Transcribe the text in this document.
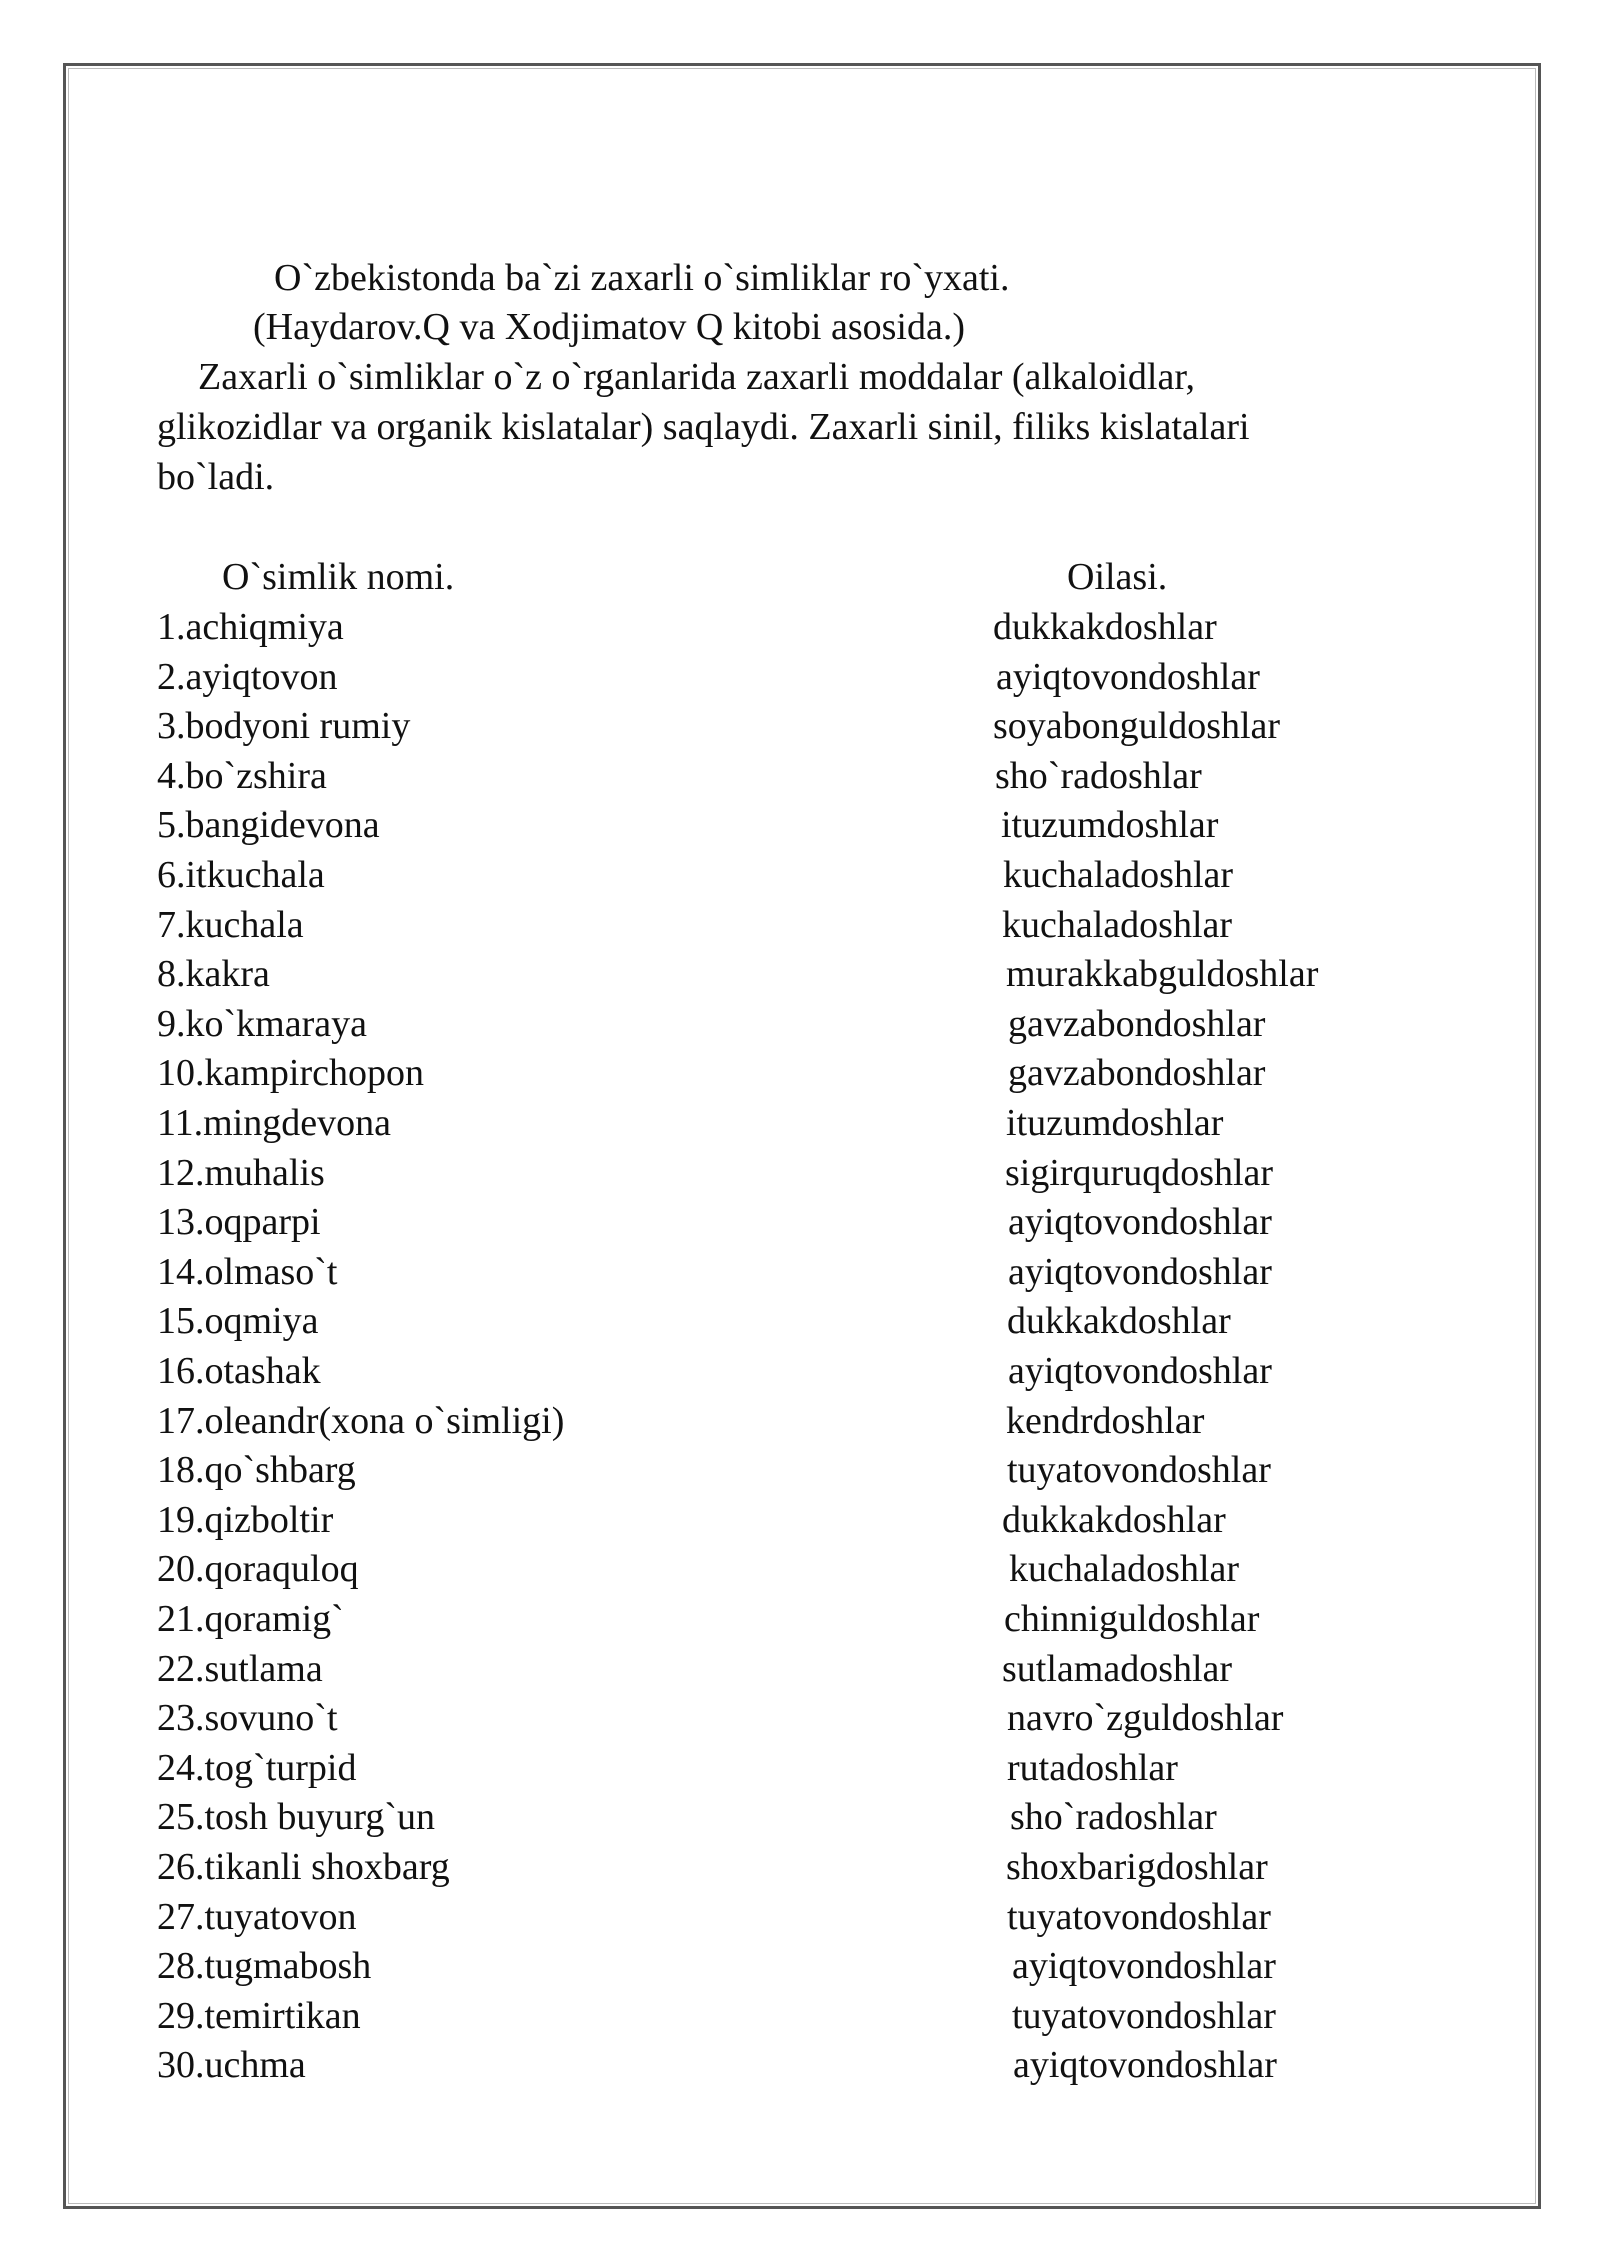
O`zbekistonda ba`zi zaxarli o`simliklar ro`yxati.
(Haydarov.Q va Xodjimatov Q kitobi asosida.)
Zaxarli o`simliklar o`z o`rganlarida zaxarli moddalar (alkaloidlar,
glikozidlar va organik kislatalar) saqlaydi. Zaxarli sinil, filiks kislatalari
bo`ladi.
O`simlik nomi.	Oilasi.
1.achiqmiya	dukkakdoshlar
2.ayiqtovon	ayiqtovondoshlar
3.bodyoni rumiy	soyabonguldoshlar
4.bo`zshira	sho`radoshlar
5.bangidevona	ituzumdoshlar
6.itkuchala	kuchaladoshlar
7.kuchala	kuchaladoshlar
8.kakra	murakkabguldoshlar
9.ko`kmaraya	gavzabondoshlar
10.kampirchopon	gavzabondoshlar
11.mingdevona	ituzumdoshlar
12.muhalis	sigirquruqdoshlar
13.oqparpi	ayiqtovondoshlar
14.olmaso`t	ayiqtovondoshlar
15.oqmiya	dukkakdoshlar
16.otashak	ayiqtovondoshlar
17.oleandr(xona o`simligi)	kendrdoshlar
18.qo`shbarg	tuyatovondoshlar
19.qizboltir	dukkakdoshlar
20.qoraquloq	kuchaladoshlar
21.qoramig`	chinniguldoshlar
22.sutlama	sutlamadoshlar
23.sovuno`t	navro`zguldoshlar
24.tog`turpid	rutadoshlar
25.tosh buyurg`un	sho`radoshlar
26.tikanli shoxbarg	shoxbarigdoshlar
27.tuyatovon	tuyatovondoshlar
28.tugmabosh	ayiqtovondoshlar
29.temirtikan	tuyatovondoshlar
30.uchma	ayiqtovondoshlar
